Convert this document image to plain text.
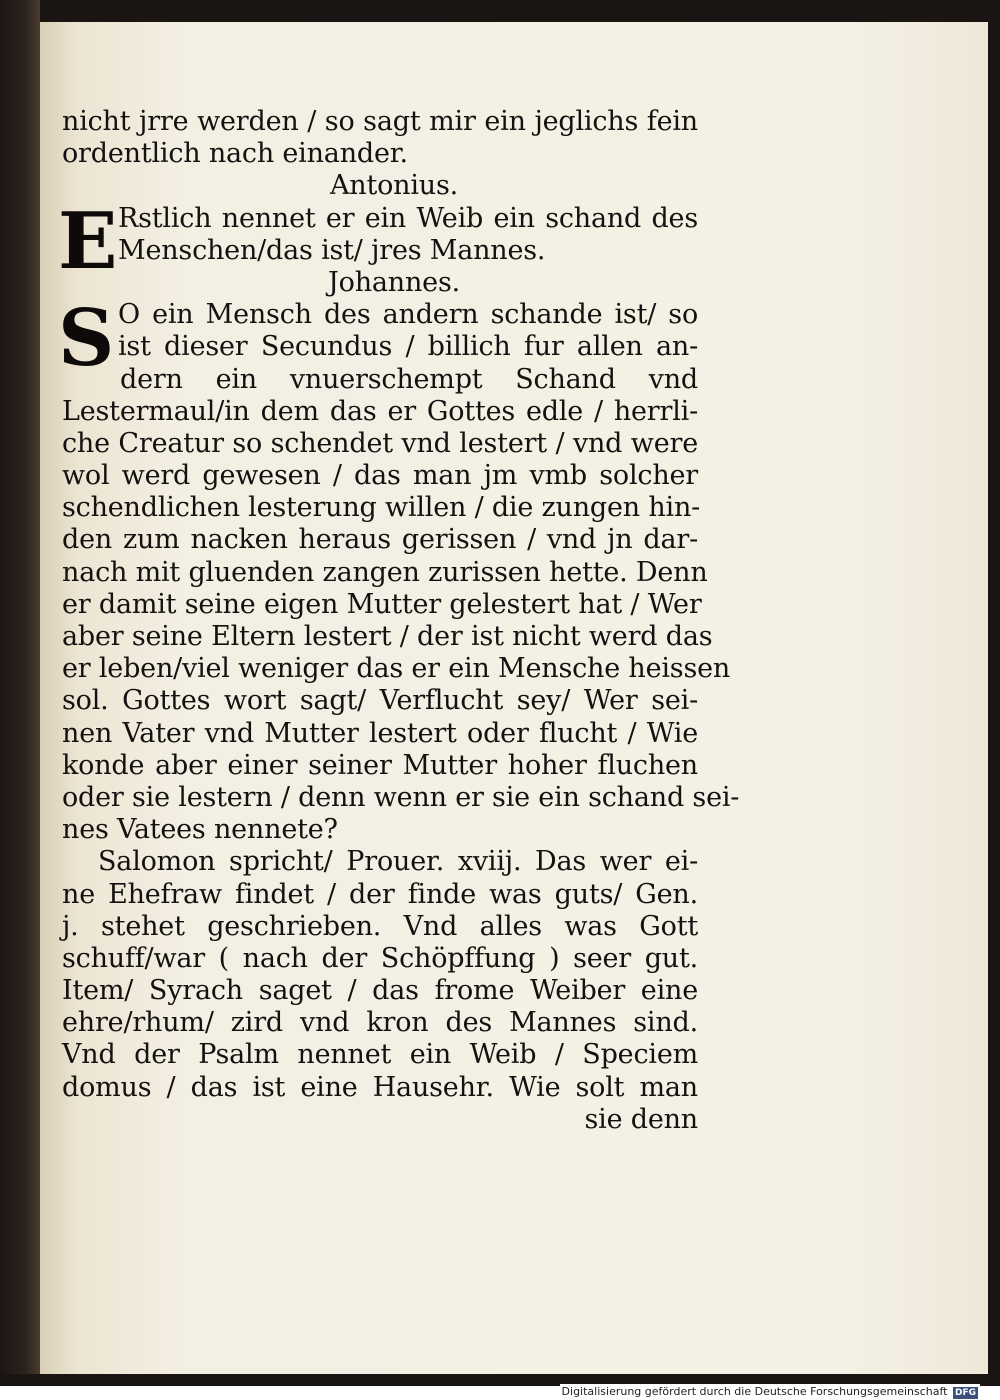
E
S
nicht jrre werden / so sagt mir ein jeglichs fein
ordentlich nach einander.
Antonius.
Rstlich nennet er ein Weib ein schand des
Menschen/das ist/ jres Mannes.
Johannes.
O ein Mensch des andern schande ist/ so
ist dieser Secundus / billich fur allen an-
dern ein vnuerschempt Schand vnd
Lestermaul/in dem das er Gottes edle / herrli-
che Creatur so schendet vnd lestert / vnd were
wol werd gewesen / das man jm vmb solcher
schendlichen lesterung willen / die zungen hin-
den zum nacken heraus gerissen / vnd jn dar-
nach mit gluenden zangen zurissen hette. Denn
er damit seine eigen Mutter gelestert hat / Wer
aber seine Eltern lestert / der ist nicht werd das
er leben/viel weniger das er ein Mensche heissen
sol. Gottes wort sagt/ Verflucht sey/ Wer sei-
nen Vater vnd Mutter lestert oder flucht / Wie
konde aber einer seiner Mutter hoher fluchen
oder sie lestern / denn wenn er sie ein schand sei-
nes Vatees nennete?
Salomon spricht/ Prouer. xviij. Das wer ei-
ne Ehefraw findet / der finde was guts/ Gen.
j. stehet geschrieben. Vnd alles was Gott
schuff/war ( nach der Schöpffung ) seer gut.
Item/ Syrach saget / das frome Weiber eine
ehre/rhum/ zird vnd kron des Mannes sind.
Vnd der Psalm nennet ein Weib / Speciem
domus / das ist eine Hausehr. Wie solt man
sie denn
Digitalisierung gefördert durch die Deutsche Forschungsgemeinschaft DFG
